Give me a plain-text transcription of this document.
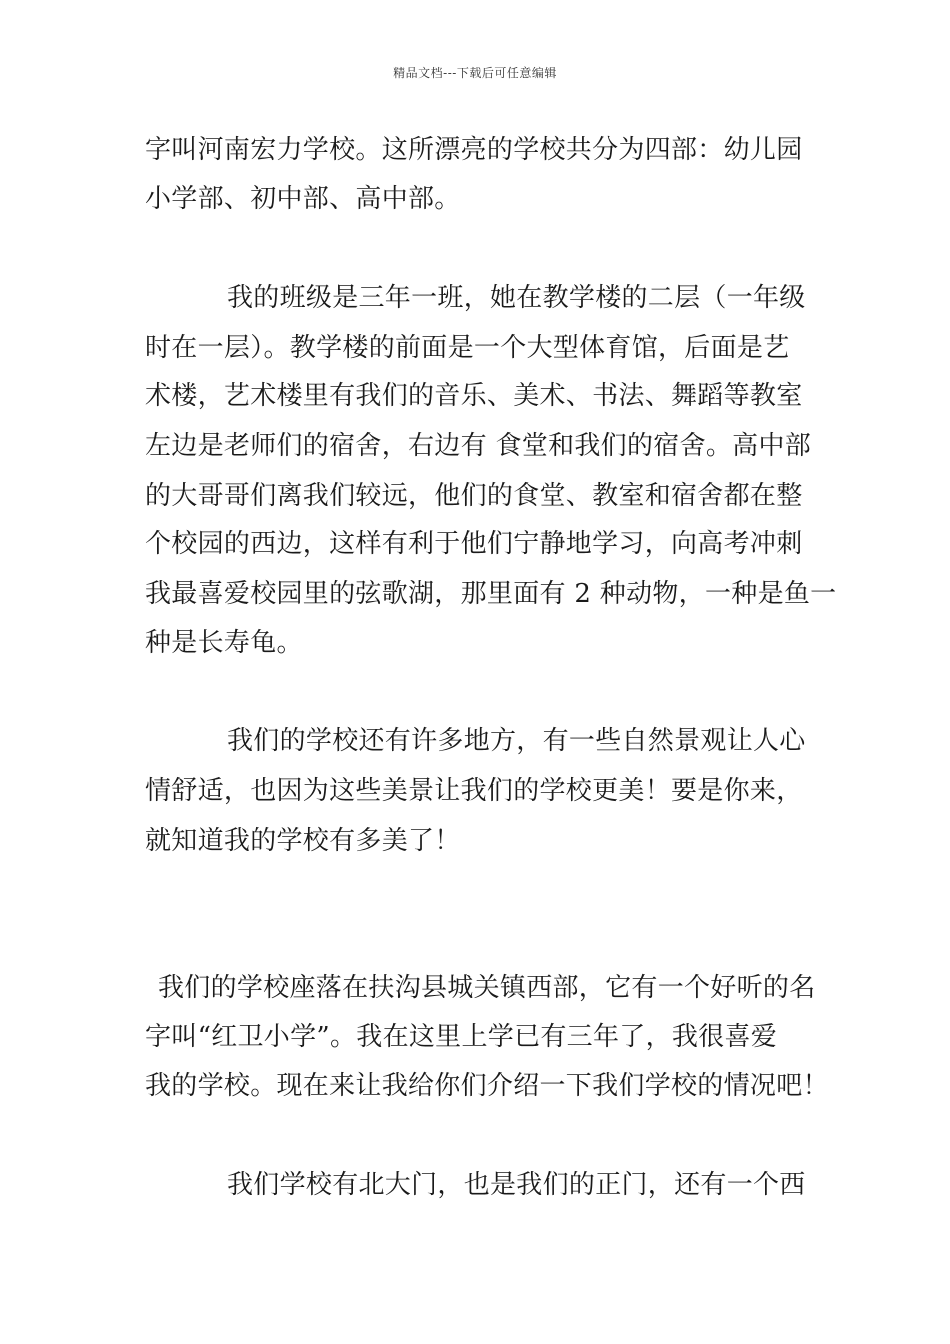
精品文档---下载后可任意编辑
字叫河南宏力学校。这所漂亮的学校共分为四部：幼儿园
小学部、初中部、高中部。
我的班级是三年一班，她在教学楼的二层（一年级
时在一层）。教学楼的前面是一个大型体育馆，后面是艺
术楼，艺术楼里有我们的音乐、美术、书法、舞蹈等教室
左边是老师们的宿舍，右边有 食堂和我们的宿舍。高中部
的大哥哥们离我们较远，他们的食堂、教室和宿舍都在整
个校园的西边，这样有利于他们宁静地学习，向高考冲刺
我最喜爱校园里的弦歌湖，那里面有 2 种动物，一种是鱼一
种是长寿龟。
我们的学校还有许多地方，有一些自然景观让人心
情舒适，也因为这些美景让我们的学校更美！要是你来，
就知道我的学校有多美了！
我们的学校座落在扶沟县城关镇西部，它有一个好听的名
字叫“红卫小学”。我在这里上学已有三年了，我很喜爱
我的学校。现在来让我给你们介绍一下我们学校的情况吧！
我们学校有北大门，也是我们的正门，还有一个西
